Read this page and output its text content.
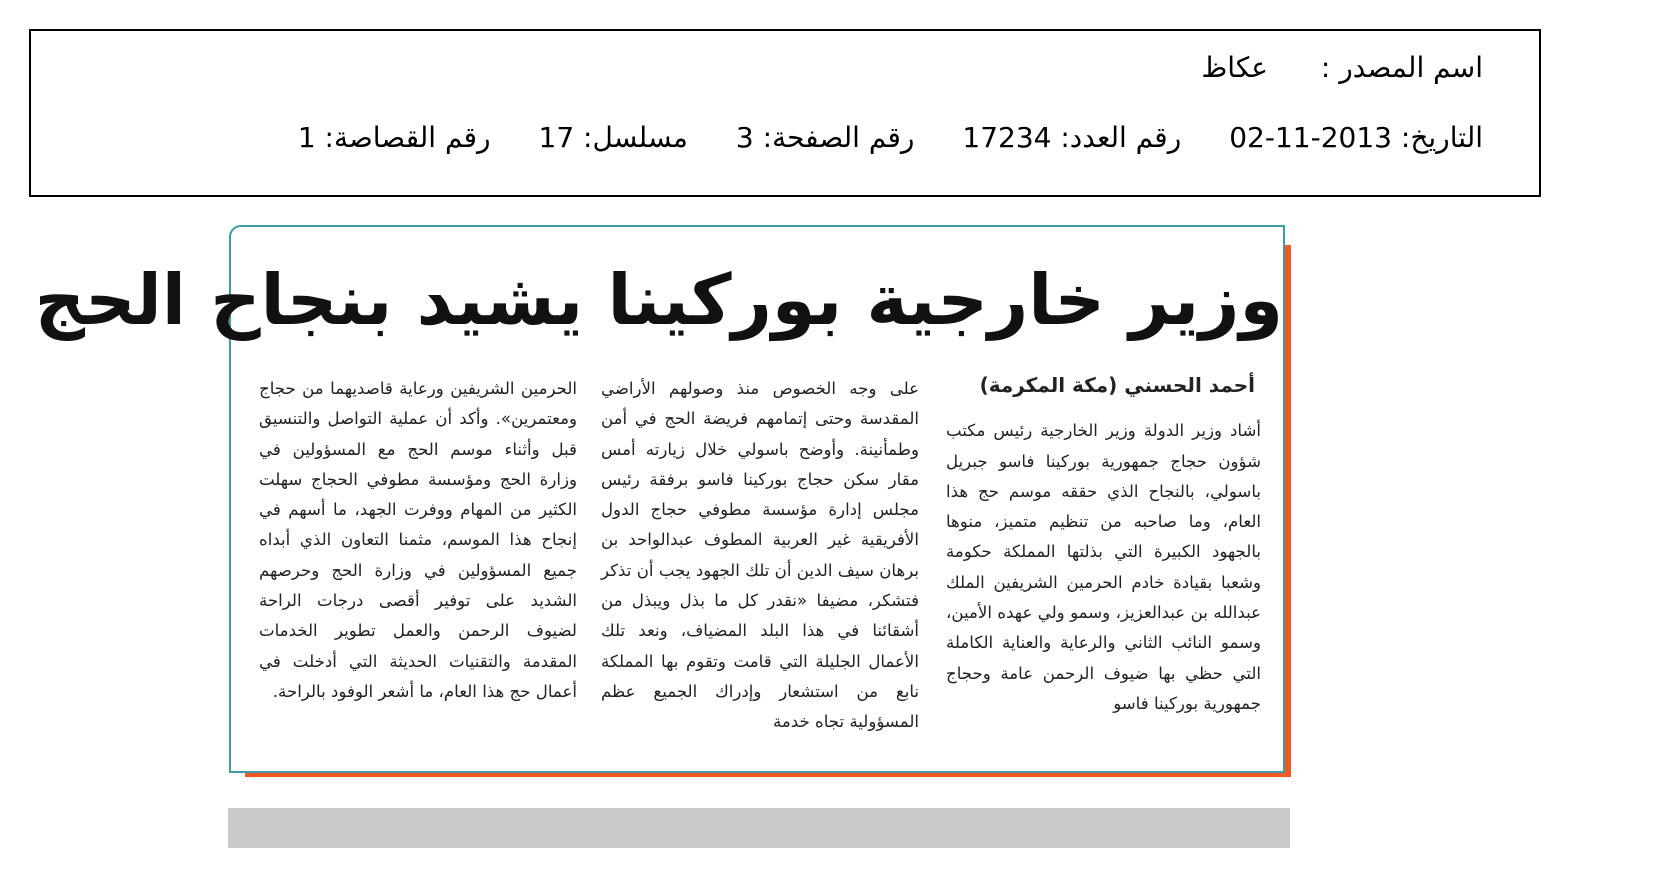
اسم المصدر :عكاظ
التاريخ: 2013-11-02رقم العدد: 17234رقم الصفحة: 3مسلسل: 17رقم القصاصة: 1
وزير خارجية بوركينا يشيد بنجاح الحج
أحمد الحسني (مكة المكرمة)

أشاد وزير الدولة وزير الخارجية رئيس مكتب شؤون حجاج جمهورية بوركينا فاسو جبريل باسولي، بالنجاح الذي حققه موسم حج هذا العام، وما صاحبه من تنظيم متميز، منوها بالجهود الكبيرة التي بذلتها المملكة حكومة وشعبا بقيادة خادم الحرمين الشريفين الملك عبدالله بن عبدالعزيز، وسمو ولي عهده الأمين، وسمو النائب الثاني والرعاية والعناية الكاملة التي حظي بها ضيوف الرحمن عامة وحجاج جمهورية بوركينا فاسو

على وجه الخصوص منذ وصولهم الأراضي المقدسة وحتى إتمامهم فريضة الحج في أمن وطمأنينة. وأوضح باسولي خلال زيارته أمس مقار سكن حجاج بوركينا فاسو برفقة رئيس مجلس إدارة مؤسسة مطوفي حجاج الدول الأفريقية غير العربية المطوف عبدالواحد بن برهان سيف الدين أن تلك الجهود يجب أن تذكر فتشكر، مضيفا «نقدر كل ما بذل ويبذل من أشقائنا في هذا البلد المضياف، ونعد تلك الأعمال الجليلة التي قامت وتقوم بها المملكة نابع من استشعار وإدراك الجميع عظم المسؤولية تجاه خدمة

الحرمين الشريفين ورعاية قاصديهما من حجاج ومعتمرين». وأكد أن عملية التواصل والتنسيق قبل وأثناء موسم الحج مع المسؤولين في وزارة الحج ومؤسسة مطوفي الحجاج سهلت الكثير من المهام ووفرت الجهد، ما أسهم في إنجاح هذا الموسم، مثمنا التعاون الذي أبداه جميع المسؤولين في وزارة الحج وحرصهم الشديد على توفير أقصى درجات الراحة لضيوف الرحمن والعمل تطوير الخدمات المقدمة والتقنيات الحديثة التي أدخلت في أعمال حج هذا العام، ما أشعر الوفود بالراحة.
